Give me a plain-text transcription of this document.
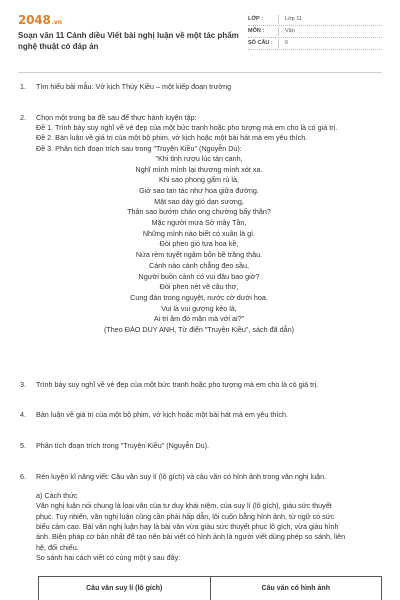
2048 .vn
Soạn văn 11 Cánh diều Viết bài nghị luận về một tác phẩm
nghệ thuật có đáp án
LỚP :	Lớp 11
MÔN :	Văn
SỐ CÂU :	6
1.	Tìm hiểu bài mẫu: Vở kịch Thúy Kiều – một kiếp đoạn trường
2.	Chọn một trong ba đề sau để thực hành luyện tập:
Đề 1. Trình bày suy nghĩ về vẻ đẹp của một bức tranh hoặc pho tượng mà em cho là có giá trị.
Đề 2. Bàn luận về giá trị của một bộ phim, vở kịch hoặc một bài hát mà em yêu thích.
Đề 3. Phân tích đoạn trích sau trong "Truyện Kiều" (Nguyễn Du):
"Khi tỉnh rượu lúc tàn canh,
Nghĩ mình mình lại thương mình xót xa.
Khi sao phong gấm rủ là,
Giờ sao tan tác như hoa giữa đường.
Mặt sao dày gió dạn sương,
Thân sao bướm chán ong chường bấy thân?
Mặc người mưa Sở mây Tần,
Những mình nào biết có xuân là gì.
Đòi phen gió tựa hoa kề,
Nửa rèm tuyết ngậm bốn bề trăng thâu.
Cảnh nào cảnh chẳng đeo sầu,
Người buồn cảnh có vui đâu bao giờ?
Đòi phen nét vẽ câu thơ,
Cung đàn trong nguyệt, nước cờ dưới hoa.
Vui là vui gượng kẻo là,
Ai tri âm đó mặn mà với ai?"
(Theo ĐÀO DUY ANH, Từ điển "Truyện Kiều", sách đã dẫn)
3.	Trình bày suy nghĩ về vẻ đẹp của một bức tranh hoặc pho tượng mà em cho là có giá trị.
4.	Bàn luận về giá trị của một bộ phim, vở kịch hoặc một bài hát mà em yêu thích.
5.	Phân tích đoạn trích trong "Truyện Kiều" (Nguyễn Du).
6.	Rèn luyện kĩ năng viết: Câu văn suy lí (lô gích) và câu văn có hình ảnh trong văn nghị luận.
a) Cách thức
Văn nghị luận nói chung là loại văn của tư duy khái niệm, của suy lí (lô gích), giàu sức thuyết
phục. Tuy nhiên, văn nghị luận cũng cần phải hấp dẫn, lôi cuốn bằng hình ảnh, từ ngữ có sức
biểu cảm cao. Bài văn nghị luận hay là bài văn vừa giàu sức thuyết phục lô gích, vừa giàu hình
ảnh. Biện pháp cơ bản nhất để tạo nên bài viết có hình ảnh là người viết dùng phép so sánh, liên
hệ, đối chiếu.
So sánh hai cách viết có cùng một ý sau đây:
Câu văn suy lí (lô gích)	Câu văn có hình ảnh
